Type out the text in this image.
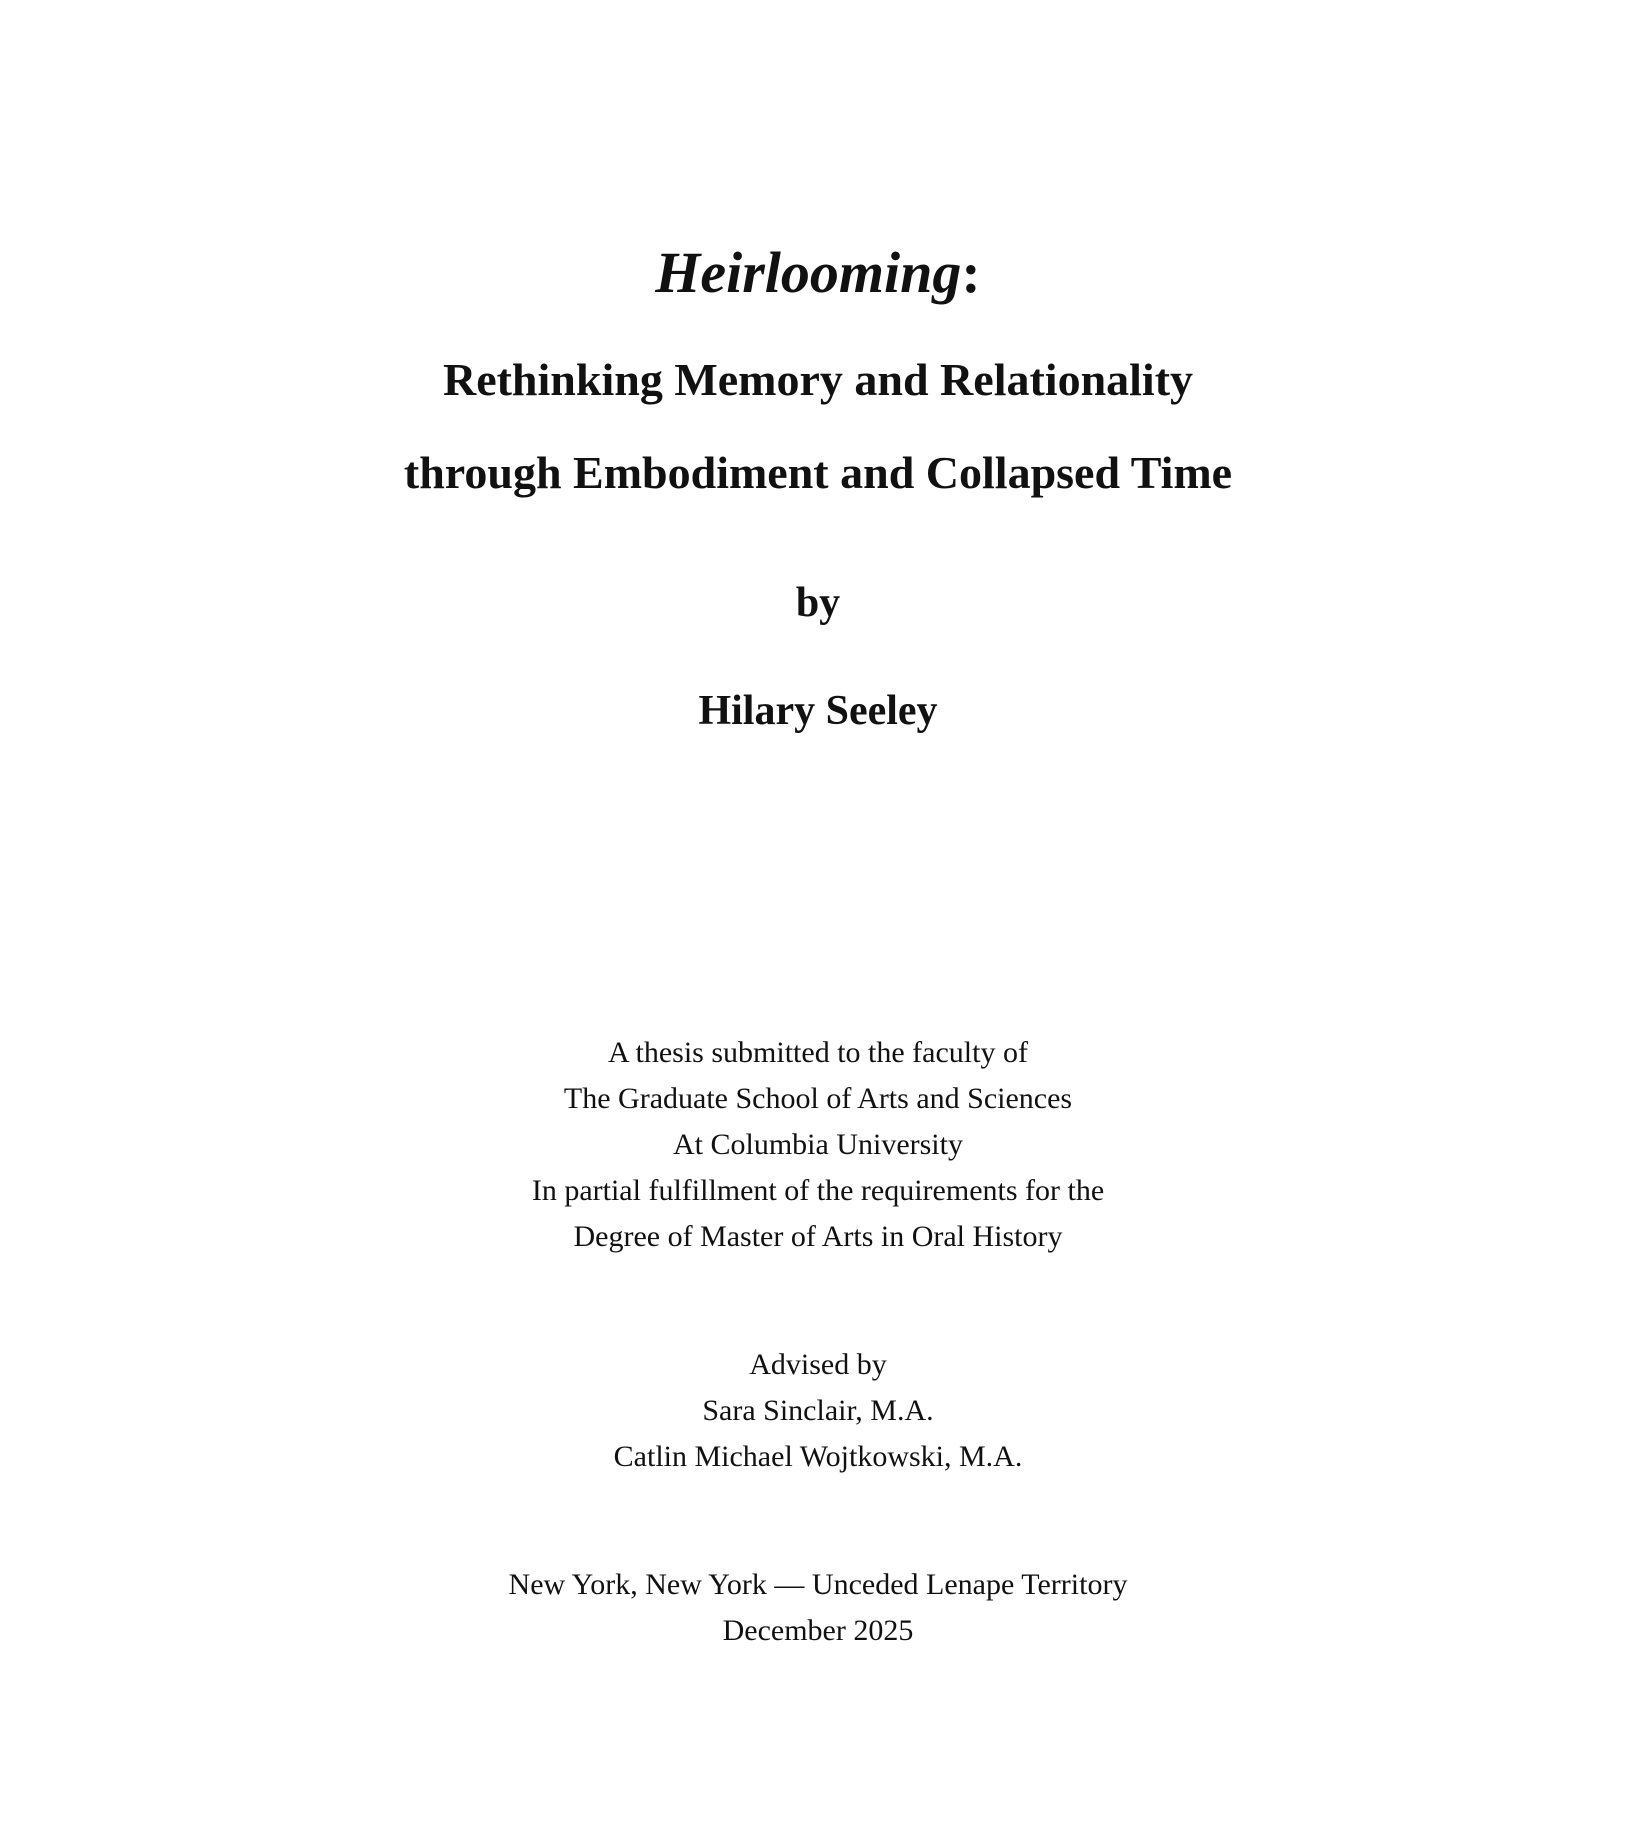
Heirlooming:
Rethinking Memory and Relationality
through Embodiment and Collapsed Time
by
Hilary Seeley
A thesis submitted to the faculty of
The Graduate School of Arts and Sciences
At Columbia University
In partial fulfillment of the requirements for the
Degree of Master of Arts in Oral History
Advised by
Sara Sinclair, M.A.
Catlin Michael Wojtkowski, M.A.
New York, New York — Unceded Lenape Territory
December 2025
